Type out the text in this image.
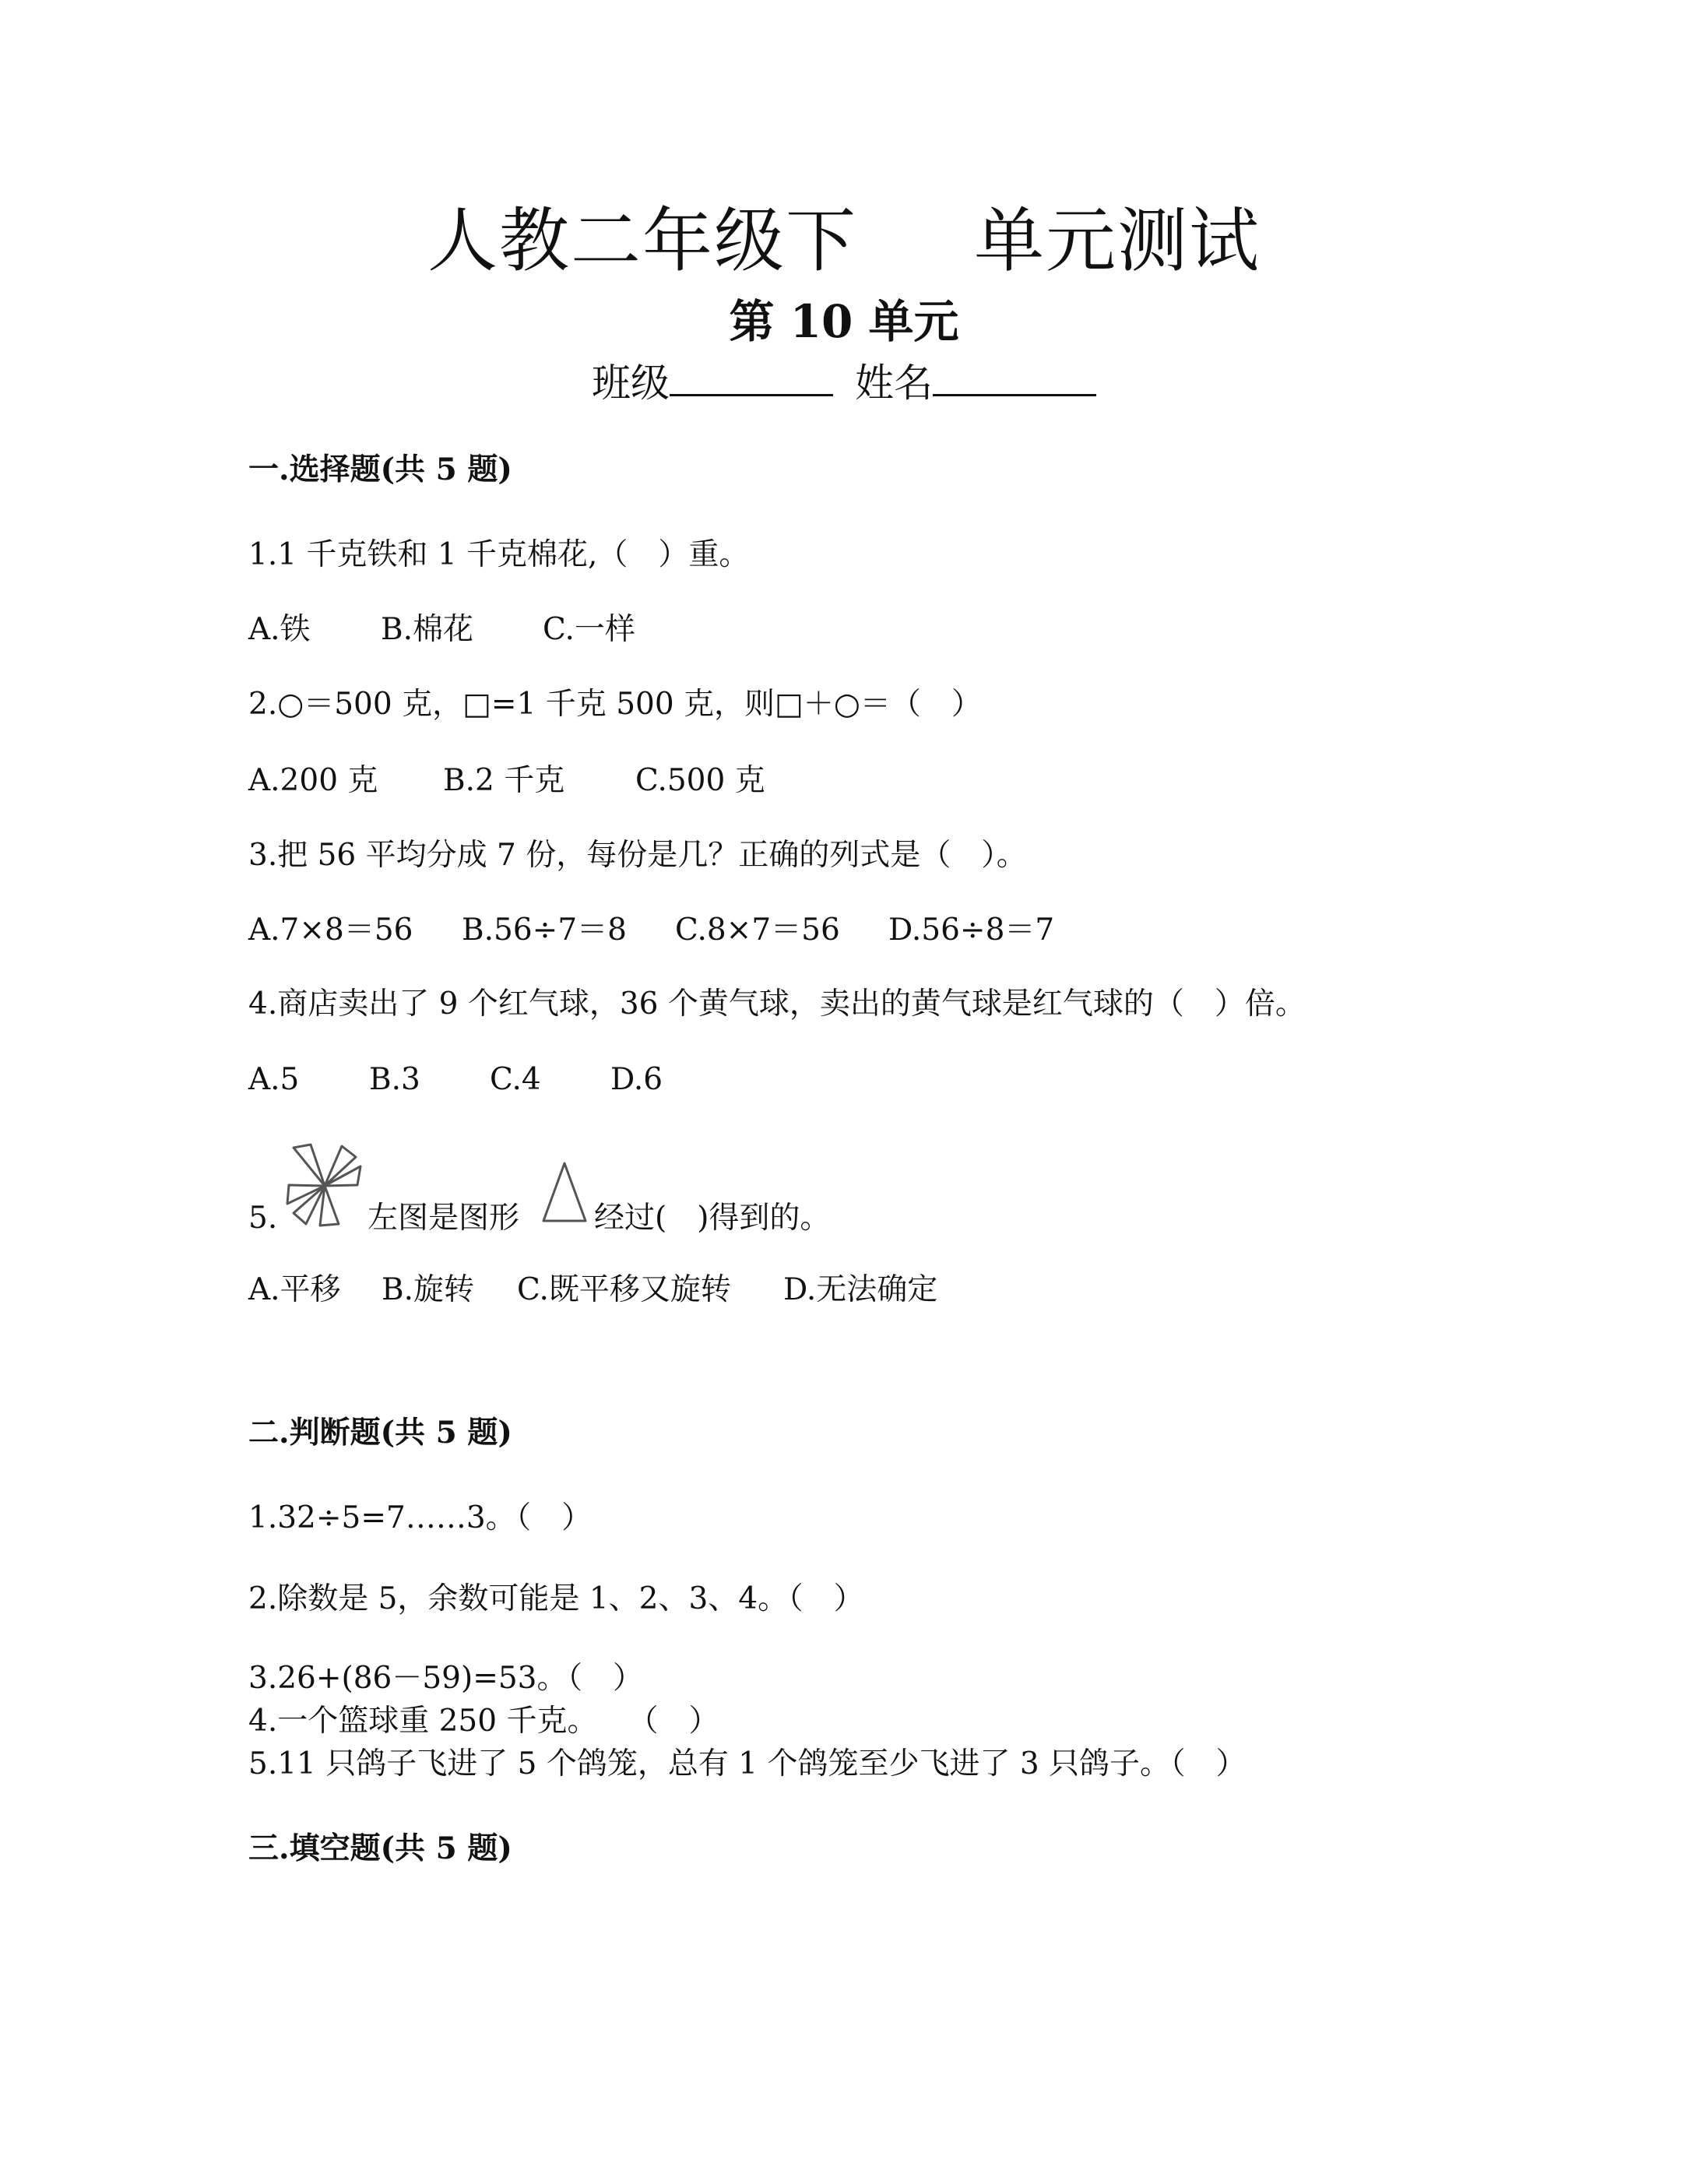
人教二年级下 单元测试
第 10 单元
班级	姓名
一.选择题(共 5 题)
1.1 千克铁和 1 千克棉花,（　）重。
A.铁 B.棉花 C.一样
2.○＝500 克，□=1 千克 500 克，则□＋○＝（　）
A.200 克 B.2 千克 C.500 克
3.把 56 平均分成 7 份，每份是几？正确的列式是（　）。
A.7×8＝56 B.56÷7＝8 C.8×7＝56 D.56÷8＝7
4.商店卖出了 9 个红气球，36 个黄气球，卖出的黄气球是红气球的（　）倍。
A.5 B.3 C.4 D.6
5.	左图是图形 经过(　)得到的。
A.平移 B.旋转 C.既平移又旋转 D.无法确定
二.判断题(共 5 题)
1.32÷5=7……3。（　）
2.除数是 5，余数可能是 1、2、3、4。（　）
3.26+(86－59)=53。（　）
4.一个篮球重 250 千克。　　（　）
5.11 只鸽子飞进了 5 个鸽笼，总有 1 个鸽笼至少飞进了 3 只鸽子。（　）
三.填空题(共 5 题)
